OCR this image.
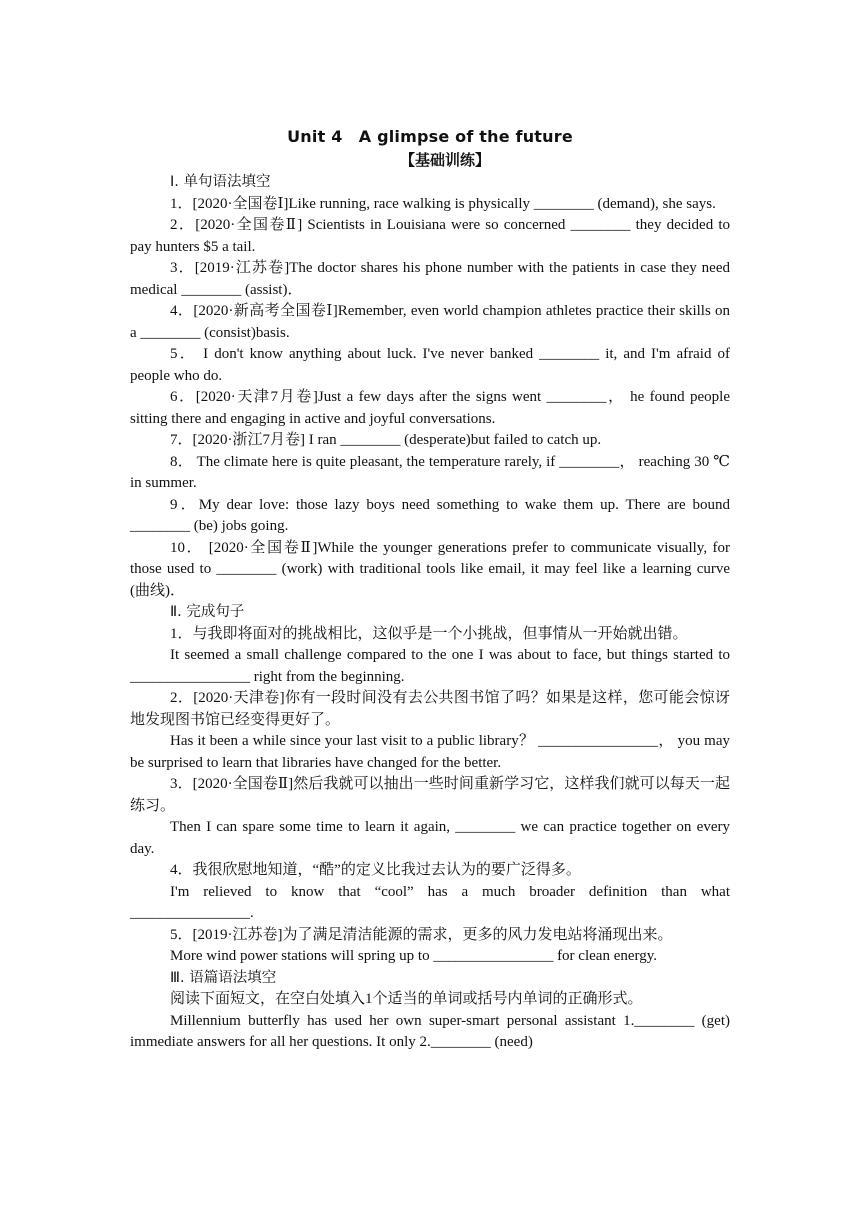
Unit 4　A glimpse of the future
【基础训练】
Ⅰ. 单句语法填空
1．[2020·全国卷Ⅰ]Like running, race walking is physically ________ (demand), she says.
2．[2020·全国卷Ⅱ] Scientists in Louisiana were so concerned ________ they decided to pay hunters $5 a tail.
3．[2019·江苏卷]The doctor shares his phone number with the patients in case they need medical ________ (assist)．
4．[2020·新高考全国卷Ⅰ]Remember, even world champion athletes practice their skills on a ________ (consist)basis.
5． I don't know anything about luck. I've never banked ________ it, and I'm afraid of people who do.
6．[2020·天津7月卷]Just a few days after the signs went ________， he found people sitting there and engaging in active and joyful conversations.
7．[2020·浙江7月卷] I ran ________ (desperate)but failed to catch up.
8． The climate here is quite pleasant, the temperature rarely, if ________， reaching 30 ℃ in summer.
9．My dear love: those lazy boys need something to wake them up. There are bound ________ (be) jobs going.
10． [2020·全国卷Ⅱ]While the younger generations prefer to communicate visually, for those used to ________ (work) with traditional tools like email, it may feel like a learning curve (曲线)．
Ⅱ. 完成句子
1．与我即将面对的挑战相比，这似乎是一个小挑战，但事情从一开始就出错。
It seemed a small challenge compared to the one I was about to face, but things started to ________________ right from the beginning.
2．[2020·天津卷]你有一段时间没有去公共图书馆了吗？如果是这样，您可能会惊讶地发现图书馆已经变得更好了。
Has it been a while since your last visit to a public library？ ________________， you may be surprised to learn that libraries have changed for the better.
3．[2020·全国卷Ⅱ]然后我就可以抽出一些时间重新学习它，这样我们就可以每天一起练习。
Then I can spare some time to learn it again, ________ we can practice together on every day.
4．我很欣慰地知道，“酷”的定义比我过去认为的要广泛得多。
I'm relieved to know that “cool” has a much broader definition than what ________________.
5．[2019·江苏卷]为了满足清洁能源的需求，更多的风力发电站将涌现出来。
More wind power stations will spring up to ________________ for clean energy.
Ⅲ. 语篇语法填空
阅读下面短文，在空白处填入1个适当的单词或括号内单词的正确形式。
Millennium butterfly has used her own super-smart personal assistant 1.________ (get) immediate answers for all her questions. It only 2.________ (need)
